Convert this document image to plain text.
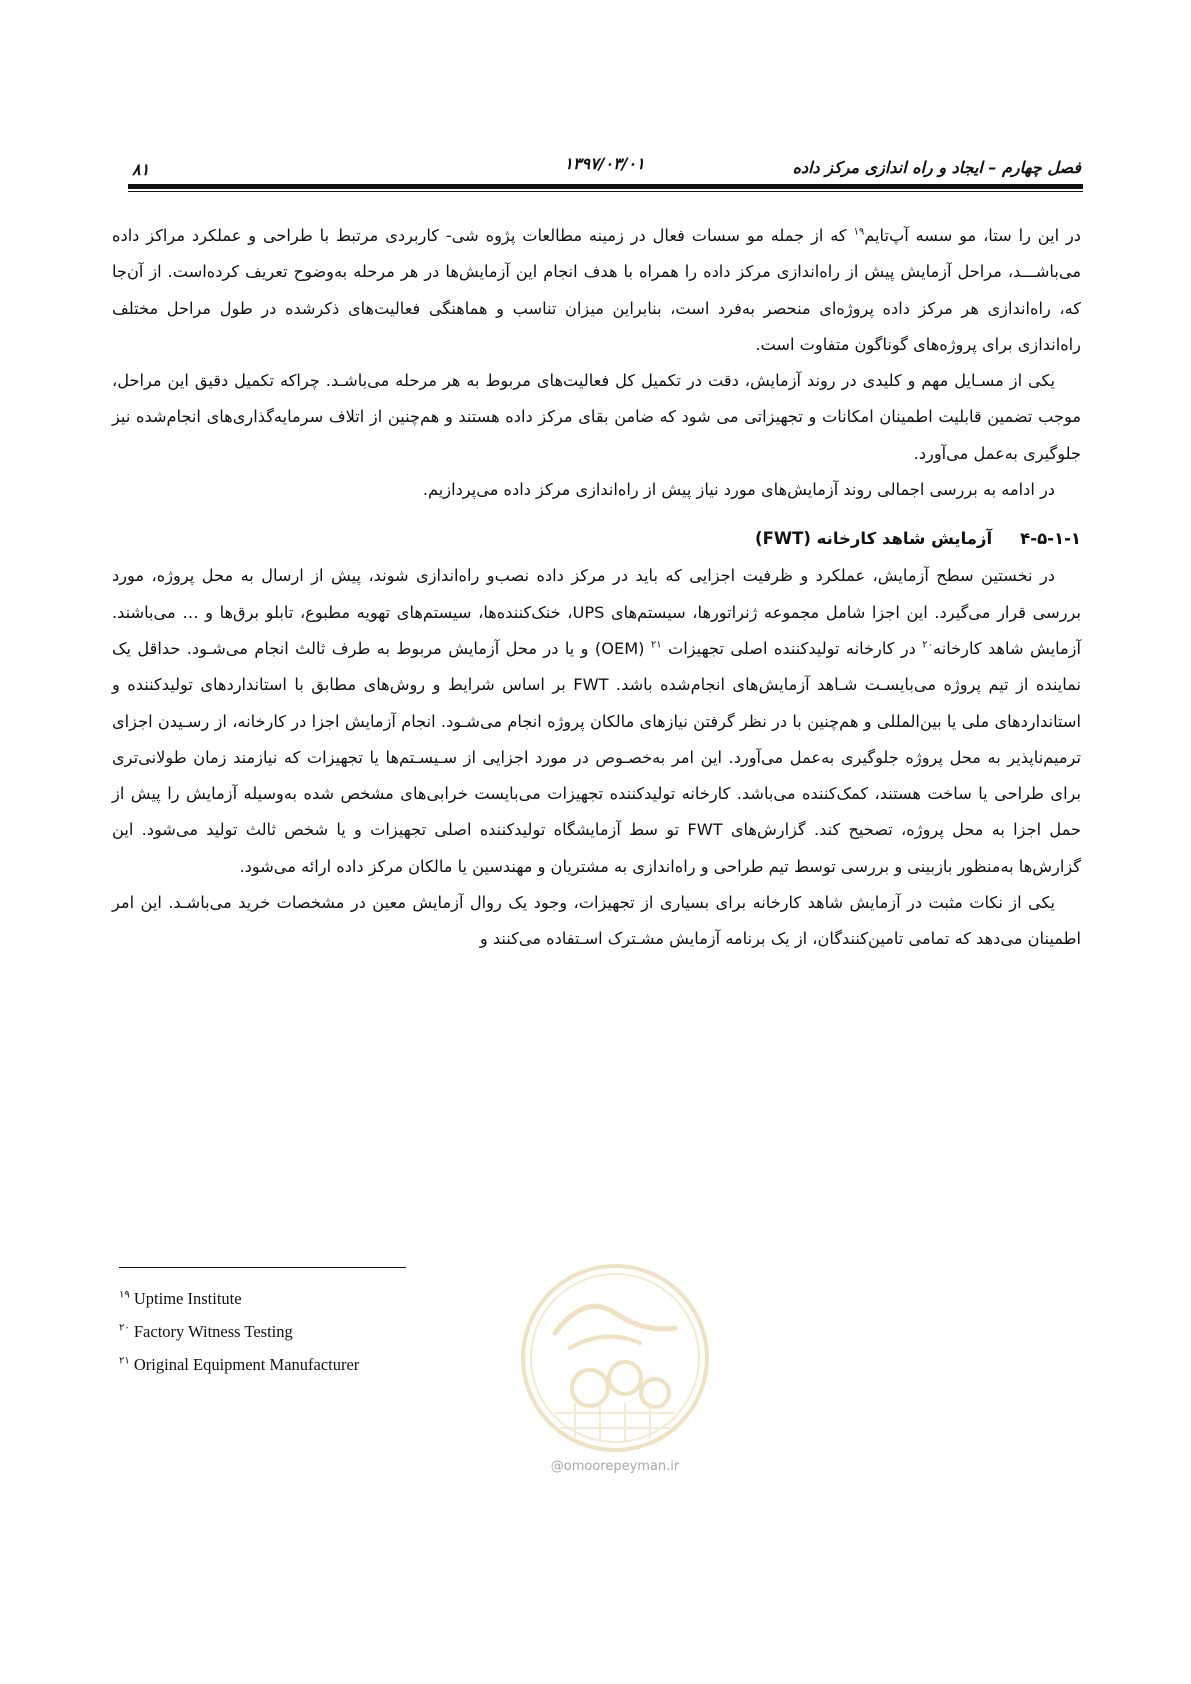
فصل چهارم – ایجاد و راه اندازی مرکز داده
۱۳۹۷/۰۳/۰۱
۸۱

در این را ستا، مو سسه آپ‌تایم$^{۱۹}$ که از جمله مو سسات فعال در زمینه مطالعات پژوه شی- کاربردی مرتبط با طراحی و عملکرد مراکز داده می‌باشـــد، مراحل آزمایش پیش از راه‌اندازی مرکز داده را همراه با هدف انجام این آزمایش‌ها در هر مرحله به‌وضوح تعریف کرده‌است. از آن‌جا که، راه‌اندازی هر مرکز داده پروژه‌ای منحصر به‌فرد است، بنابراین میزان تناسب و هماهنگی فعالیت‌های ذکرشده در طول مراحل مختلف راه‌اندازی برای پروژه‌های گوناگون متفاوت است.

یکی از مسـایل مهم و کلیدی در روند آزمایش، دقت در تکمیل کل فعالیت‌های مربوط به هر مرحله می‌باشـد. چراکه تکمیل دقیق این مراحل، موجب تضمین قابلیت اطمینان امکانات و تجهیزاتی می شود که ضامن بقای مرکز داده هستند و هم‌چنین از اتلاف سرمایه‌گذاری‌های انجام‌شده نیز جلوگیری به‌عمل می‌آورد.

در ادامه به بررسی اجمالی روند آزمایش‌های مورد نیاز پیش از راه‌اندازی مرکز داده می‌پردازیم.

۴-۵-۱-۱آزمایش شاهد کارخانه (FWT)

در نخستین سطح آزمایش، عملکرد و ظرفیت اجزایی که باید در مرکز داده نصب‌و راه‌اندازی شوند، پیش از ارسال به محل پروژه، مورد بررسی قرار می‌گیرد. این اجزا شامل مجموعه ژنراتورها، سیستم‌های UPS، خنک‌کننده‌ها، سیستم‌های تهویه مطبوع، تابلو برق‌ها و … می‌باشند. آزمایش شاهد کارخانه$^{۲۰}$ در کارخانه تولیدکننده اصلی تجهیزات $^{۲۱}$ (OEM) و یا در محل آزمایش مربوط به طرف ثالث انجام می‌شـود. حداقل یک نماینده از تیم پروژه می‌بایسـت شـاهد آزمایش‌های انجام‌شده باشد. FWT بر اساس شرایط و روش‌های مطابق با استانداردهای تولیدکننده و استانداردهای ملی یا بین‌المللی و هم‌چنین با در نظر گرفتن نیازهای مالکان پروژه انجام می‌شـود. انجام آزمایش اجزا در کارخانه، از رسـیدن اجزای ترمیم‌ناپذیر به محل پروژه جلوگیری به‌عمل می‌آورد. این امر به‌خصـوص در مورد اجزایی از سـیسـتم‌ها یا تجهیزات که نیازمند زمان طولانی‌تری برای طراحی یا ساخت هستند، کمک‌کننده می‌باشد. کارخانه تولیدکننده تجهیزات می‌بایست خرابی‌های مشخص شده به‌وسیله آزمایش را پیش از حمل اجزا به محل پروژه، تصحیح کند. گزارش‌های FWT تو سط آزمایشگاه تولیدکننده اصلی تجهیزات و یا شخص ثالث تولید می‌شود. این گزارش‌ها به‌منظور بازبینی و بررسی توسط تیم طراحی و راه‌اندازی به مشتریان و مهندسین یا مالکان مرکز داده ارائه می‌شود.

یکی از نکات مثبت در آزمایش شاهد کارخانه برای بسیاری از تجهیزات، وجود یک روال آزمایش معین در مشخصات خرید می‌باشـد. این امر اطمینان می‌دهد که تمامی تامین‌کنندگان، از یک برنامه آزمایش مشـترک اسـتفاده می‌کنند و

$^{۱۹}$ Uptime Institute
$^{۲۰}$ Factory Witness Testing
$^{۲۱}$ Original Equipment Manufacturer
@omoorepeyman.ir
